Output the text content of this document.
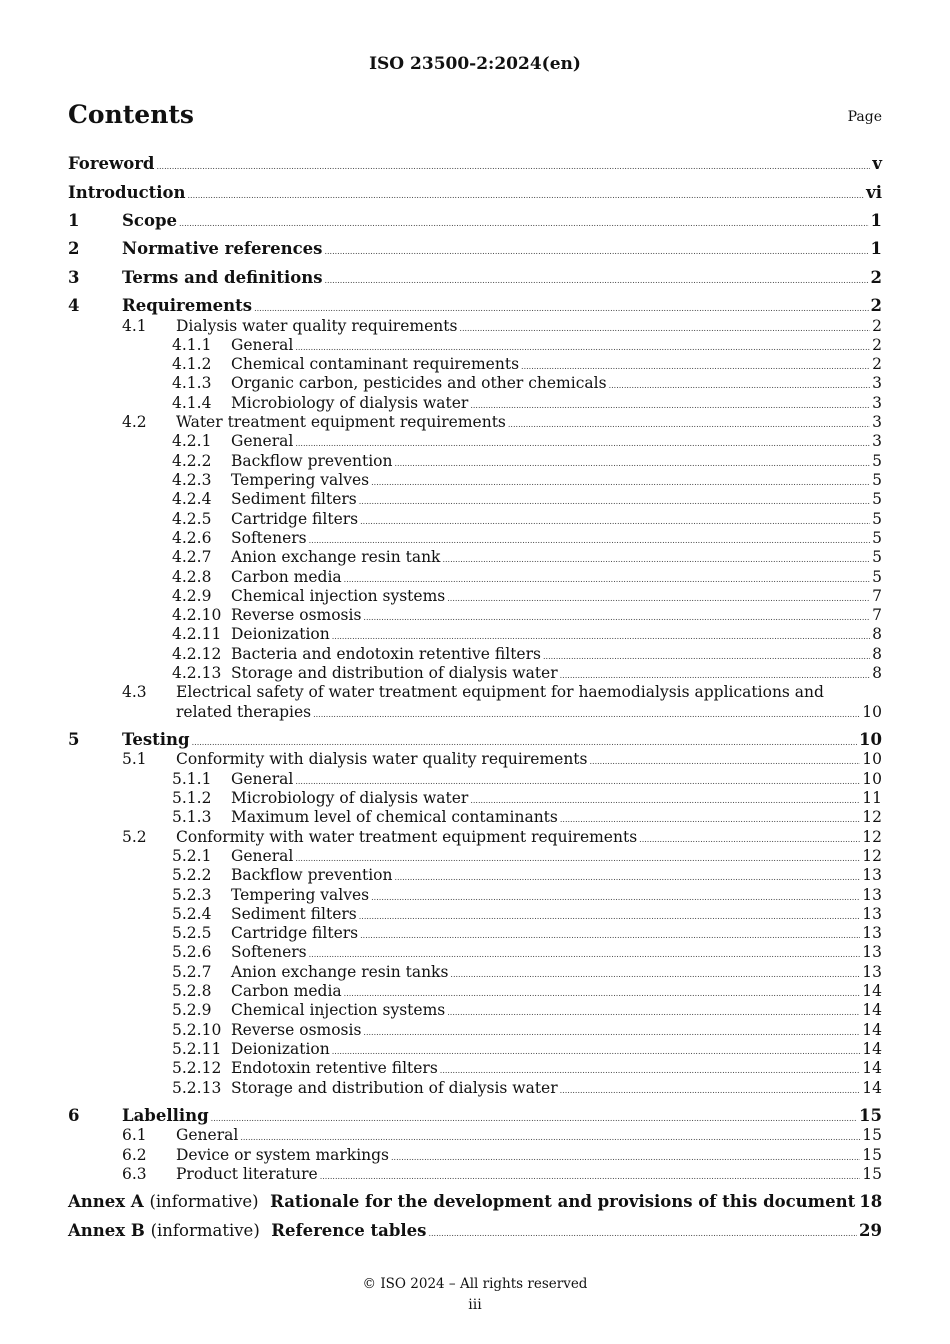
ISO 23500-2:2024(en)
Contents	Page
Foreword .....	v
Introduction .....	vi
1	Scope .....	1
2	Normative references .....	1
3	Terms and definitions .....	2
4	Requirements .....	2
4.1	Dialysis water quality requirements .....	2
4.1.1	General .....	2
4.1.2	Chemical contaminant requirements .....	2
4.1.3	Organic carbon, pesticides and other chemicals .....	3
4.1.4	Microbiology of dialysis water .....	3
4.2	Water treatment equipment requirements .....	3
4.2.1	General .....	3
4.2.2	Backflow prevention .....	5
4.2.3	Tempering valves .....	5
4.2.4	Sediment filters .....	5
4.2.5	Cartridge filters .....	5
4.2.6	Softeners .....	5
4.2.7	Anion exchange resin tank .....	5
4.2.8	Carbon media .....	5
4.2.9	Chemical injection systems .....	7
4.2.10 Reverse osmosis .....	7
4.2.11 Deionization .....	8
4.2.12 Bacteria and endotoxin retentive filters .....	8
4.2.13 Storage and distribution of dialysis water .....	8
4.3	Electrical safety of water treatment equipment for haemodialysis applications and
related therapies .....	10
5	Testing .....	10
5.1	Conformity with dialysis water quality requirements .....	10
5.1.1	General .....	10
5.1.2	Microbiology of dialysis water .....	11
5.1.3	Maximum level of chemical contaminants .....	12
5.2	Conformity with water treatment equipment requirements .....	12
5.2.1	General .....	12
5.2.2	Backflow prevention .....	13
5.2.3	Tempering valves .....	13
5.2.4	Sediment filters .....	13
5.2.5	Cartridge filters .....	13
5.2.6	Softeners .....	13
5.2.7	Anion exchange resin tanks .....	13
5.2.8	Carbon media .....	14
5.2.9	Chemical injection systems .....	14
5.2.10 Reverse osmosis .....	14
5.2.11 Deionization .....	14
5.2.12 Endotoxin retentive filters .....	14
5.2.13 Storage and distribution of dialysis water .....	14
6	Labelling .....	15
6.1	General .....	15
6.2	Device or system markings .....	15
6.3	Product literature .....	15
Annex A (informative) Rationale for the development and provisions of this document 18
Annex B (informative) Reference tables .....	29
© ISO 2024 – All rights reserved
iii
